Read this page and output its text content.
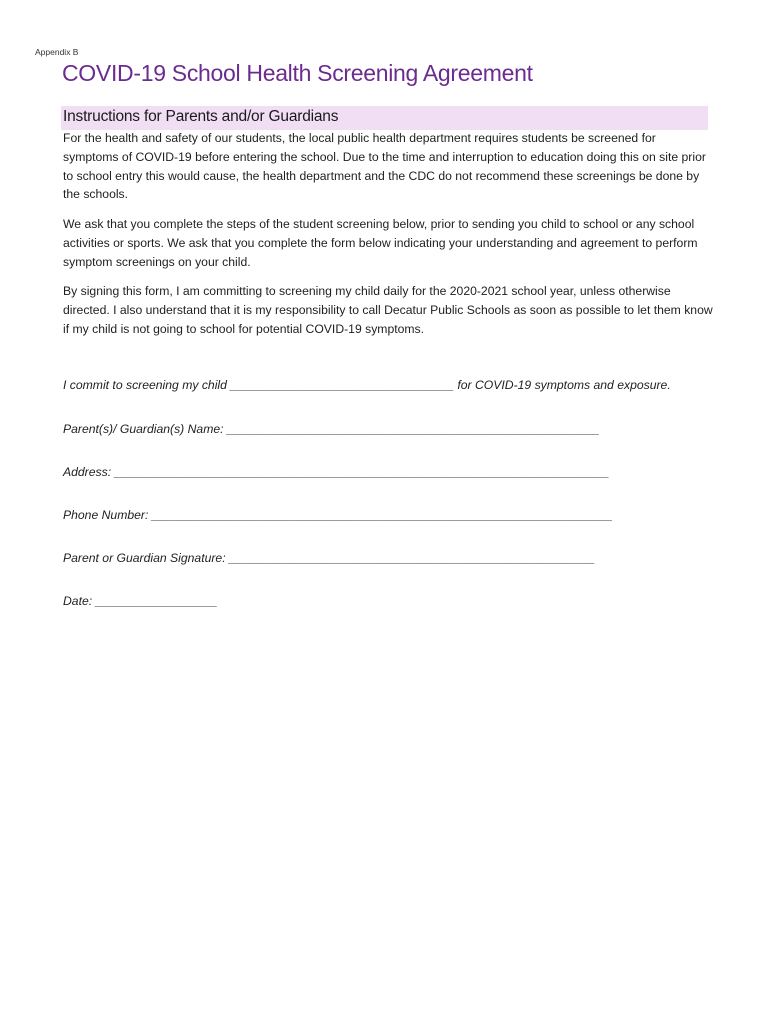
Appendix B
COVID-19 School Health Screening Agreement
Instructions for Parents and/or Guardians

For the health and safety of our students, the local public health department requires students be screened for symptoms of COVID-19 before entering the school. Due to the time and interruption to education doing this on site prior to school entry this would cause, the health department and the CDC do not recommend these screenings be done by the schools.

We ask that you complete the steps of the student screening below, prior to sending you child to school or any school activities or sports. We ask that you complete the form below indicating your understanding and agreement to perform symptom screenings on your child.

By signing this form, I am committing to screening my child daily for the 2020-2021 school year, unless otherwise directed. I also understand that it is my responsibility to call Decatur Public Schools as soon as possible to let them know if my child is not going to school for potential COVID-19 symptoms.

I commit to screening my child _________________________________ for COVID-19 symptoms and exposure.
Parent(s)/ Guardian(s) Name: _______________________________________________________
Address: _________________________________________________________________________
Phone Number: ____________________________________________________________________
Parent or Guardian Signature: ______________________________________________________
Date: __________________
